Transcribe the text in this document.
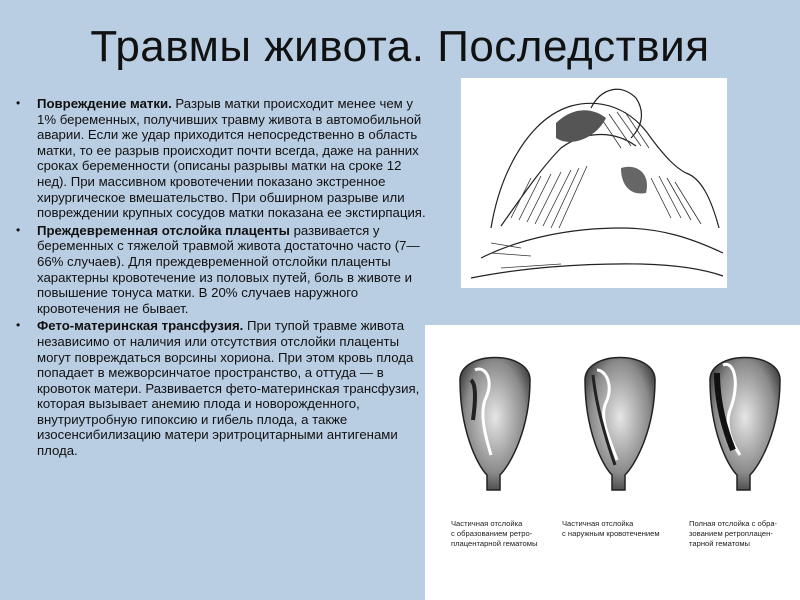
Травмы живота. Последствия
• Повреждение матки. Разрыв матки происходит менее чем у 1% беременных, получивших травму живота в автомобильной аварии. Если же удар приходится непосредственно в область матки, то ее разрыв происходит почти всегда, даже на ранних сроках беременности (описаны разрывы матки на сроке 12 нед). При массивном кровотечении показано экстренное хирургическое вмешательство. При обширном разрыве или повреждении крупных сосудов матки показана ее экстирпация.
• Преждевременная отслойка плаценты развивается у беременных с тяжелой травмой живота достаточно часто (7—66% случаев). Для преждевременной отслойки плаценты характерны кровотечение из половых путей, боль в животе и повышение тонуса матки. В 20% случаев наружного кровотечения не бывает.
• Фето-материнская трансфузия. При тупой травме живота независимо от наличия или отсутствия отслойки плаценты могут повреждаться ворсины хориона. При этом кровь плода попадает в межворсинчатое пространство, а оттуда — в кровоток матери. Развивается фето-материнская трансфузия, которая вызывает анемию плода и новорожденного, внутриутробную гипоксию и гибель плода, а также изосенсибилизацию матери эритроцитарными антигенами плода.
Частичная отслойка
с образованием ретро-
плацентарной гематомы
Частичная отслойка
с наружным кровотечением
Полная отслойка с обра-
зованием ретроплацен-
тарной гематомы
